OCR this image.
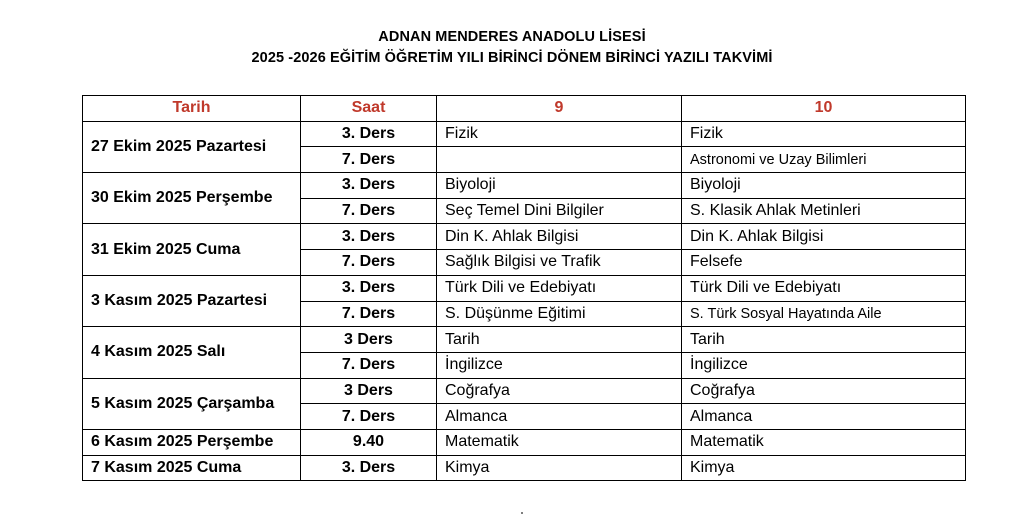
ADNAN MENDERES ANADOLU LİSESİ
2025 -2026 EĞİTİM ÖĞRETİM YILI BİRİNCİ DÖNEM BİRİNCİ YAZILI TAKVİMİ
Tarih	Saat	9	10
27 Ekim 2025 Pazartesi	3. Ders	Fizik	Fizik
	7. Ders		Astronomi ve Uzay Bilimleri
30 Ekim 2025 Perşembe	3. Ders	Biyoloji	Biyoloji
	7. Ders	Seç Temel Dini Bilgiler	S. Klasik Ahlak Metinleri
31 Ekim 2025 Cuma	3. Ders	Din K. Ahlak Bilgisi	Din K. Ahlak Bilgisi
	7. Ders	Sağlık Bilgisi ve Trafik	Felsefe
3 Kasım 2025 Pazartesi	3. Ders	Türk Dili ve Edebiyatı	Türk Dili ve Edebiyatı
	7. Ders	S. Düşünme Eğitimi	S. Türk Sosyal Hayatında Aile
4 Kasım 2025 Salı	3 Ders	Tarih	Tarih
	7. Ders	İngilizce	İngilizce
5 Kasım 2025 Çarşamba	3 Ders	Coğrafya	Coğrafya
	7. Ders	Almanca	Almanca
6 Kasım 2025 Perşembe	9.40	Matematik	Matematik
7 Kasım 2025 Cuma	3. Ders	Kimya	Kimya
